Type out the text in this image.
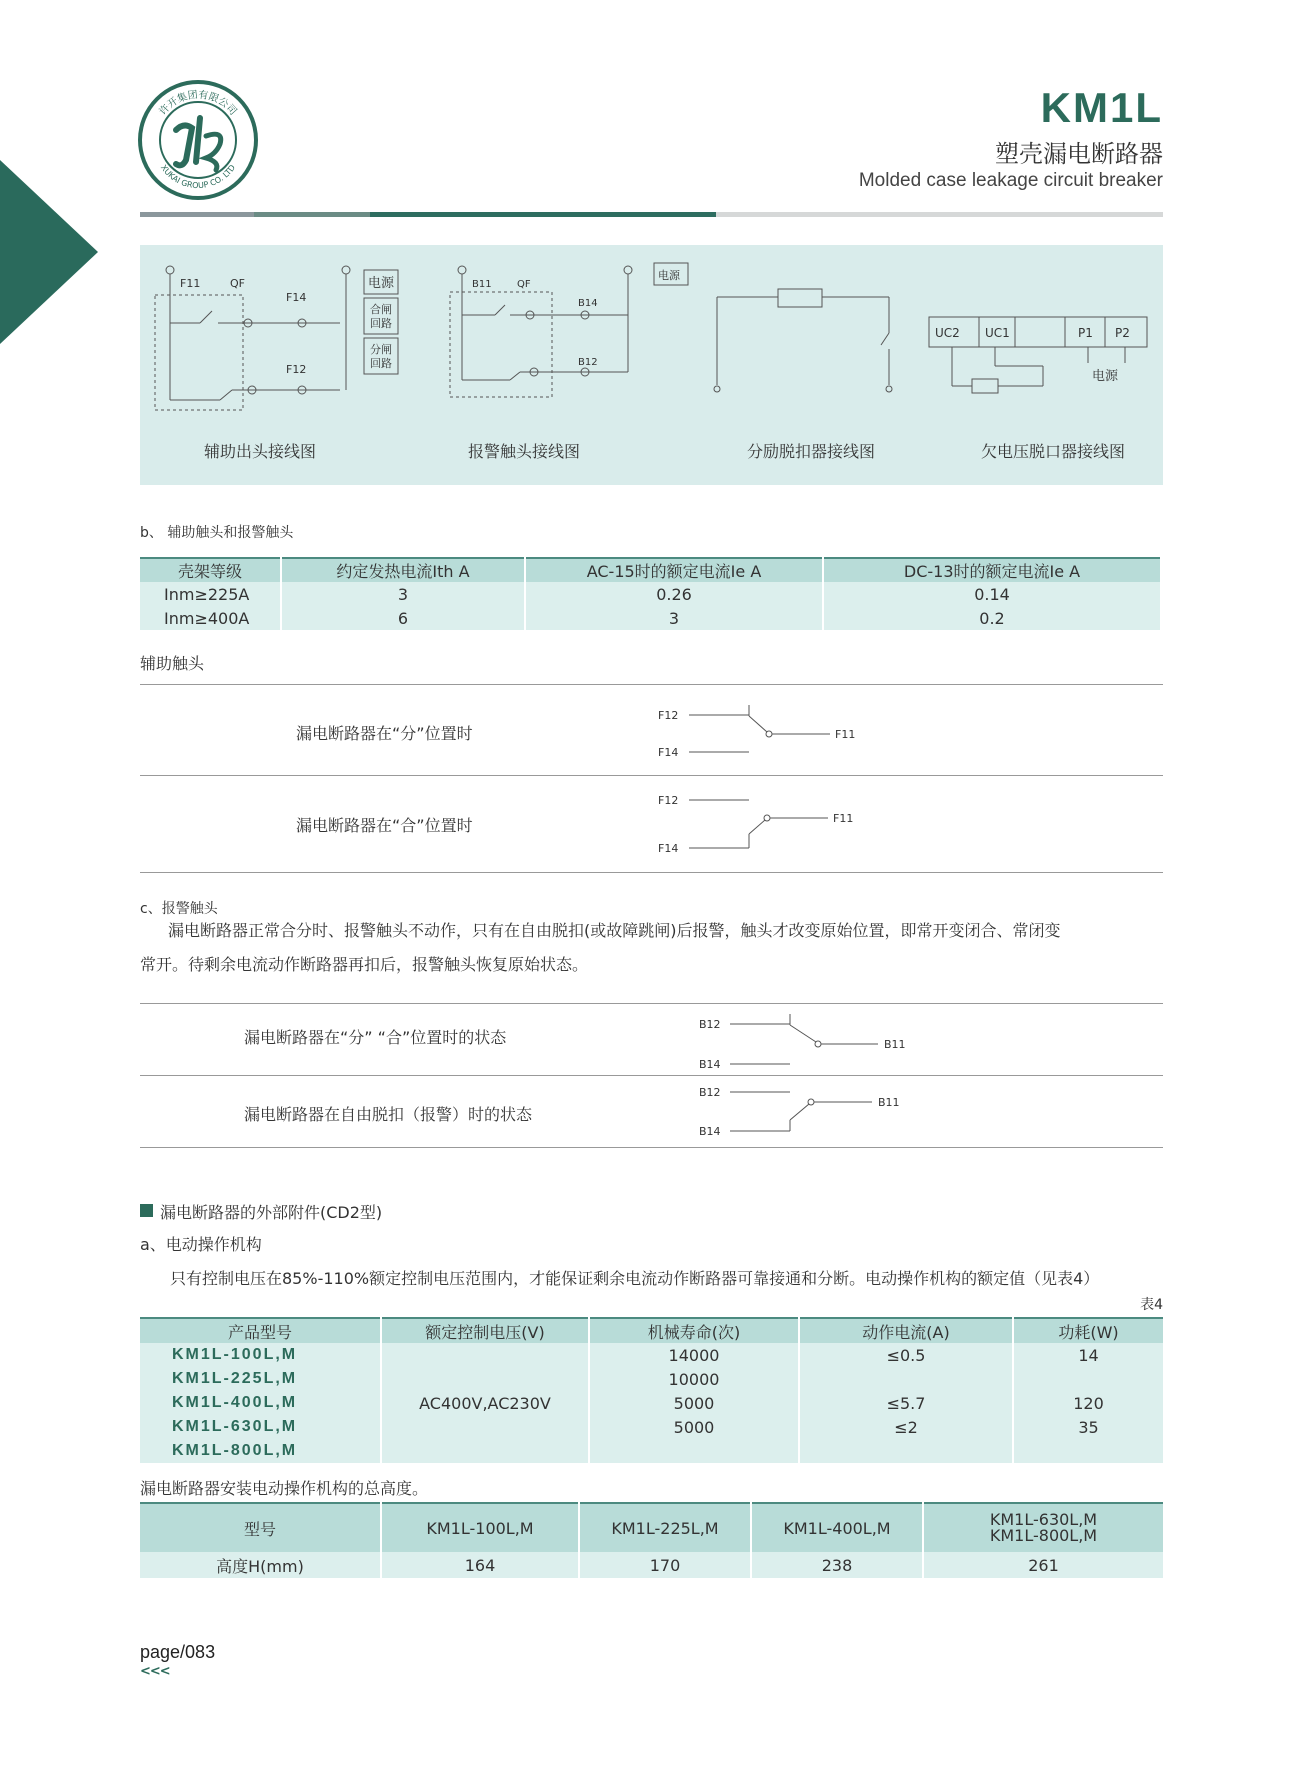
许开集团有限公司
XUKAI GROUP CO. LTD
KM1L
塑壳漏电断路器
Molded case leakage circuit breaker
F11	QF
F14
F12
电源
合闸
回路
分闸
回路
B11	QF
B14
B12
电源
UC2 UC1	P1 P2
电源
辅助出头接线图	报警触头接线图	分励脱扣器接线图	欠电压脱口器接线图
b、 辅助触头和报警触头
壳架等级	约定发热电流Ith A	AC-15时的额定电流Ie A	DC-13时的额定电流Ie A
Inm≥225A	3	0.26	0.14
Inm≥400A	6	3	0.2
辅助触头
漏电断路器在“分”位置时
F12
F14
F11
漏电断路器在“合”位置时
F12
F14
F11
c、报警触头
漏电断路器正常合分时、报警触头不动作，只有在自由脱扣(或故障跳闸)后报警，触头才改变原始位置，即常开变闭合、常闭变
常开。待剩余电流动作断路器再扣后，报警触头恢复原始状态。
漏电断路器在“分” “合”位置时的状态
B12
B14
B11
漏电断路器在自由脱扣（报警）时的状态
B12
B14
B11
漏电断路器的外部附件(CD2型)
a、电动操作机构
只有控制电压在85%-110%额定控制电压范围内，才能保证剩余电流动作断路器可靠接通和分断。电动操作机构的额定值（见表4）
表4
产品型号	额定控制电压(V)	机械寿命(次)	动作电流(A)	功耗(W)
KM1L-100L,M	AC400V,AC230V	14000	≤0.5	14
KM1L-225L,M		10000		
KM1L-400L,M		5000	≤5.7	120
KM1L-630L,M		5000	≤2	35
KM1L-800L,M				
漏电断路器安装电动操作机构的总高度。
型号	KM1L-100L,M	KM1L-225L,M	KM1L-400L,M	KM1L-630L,M
KM1L-800L,M

高度H(mm)	164	170	238	261
page/083
<<<
